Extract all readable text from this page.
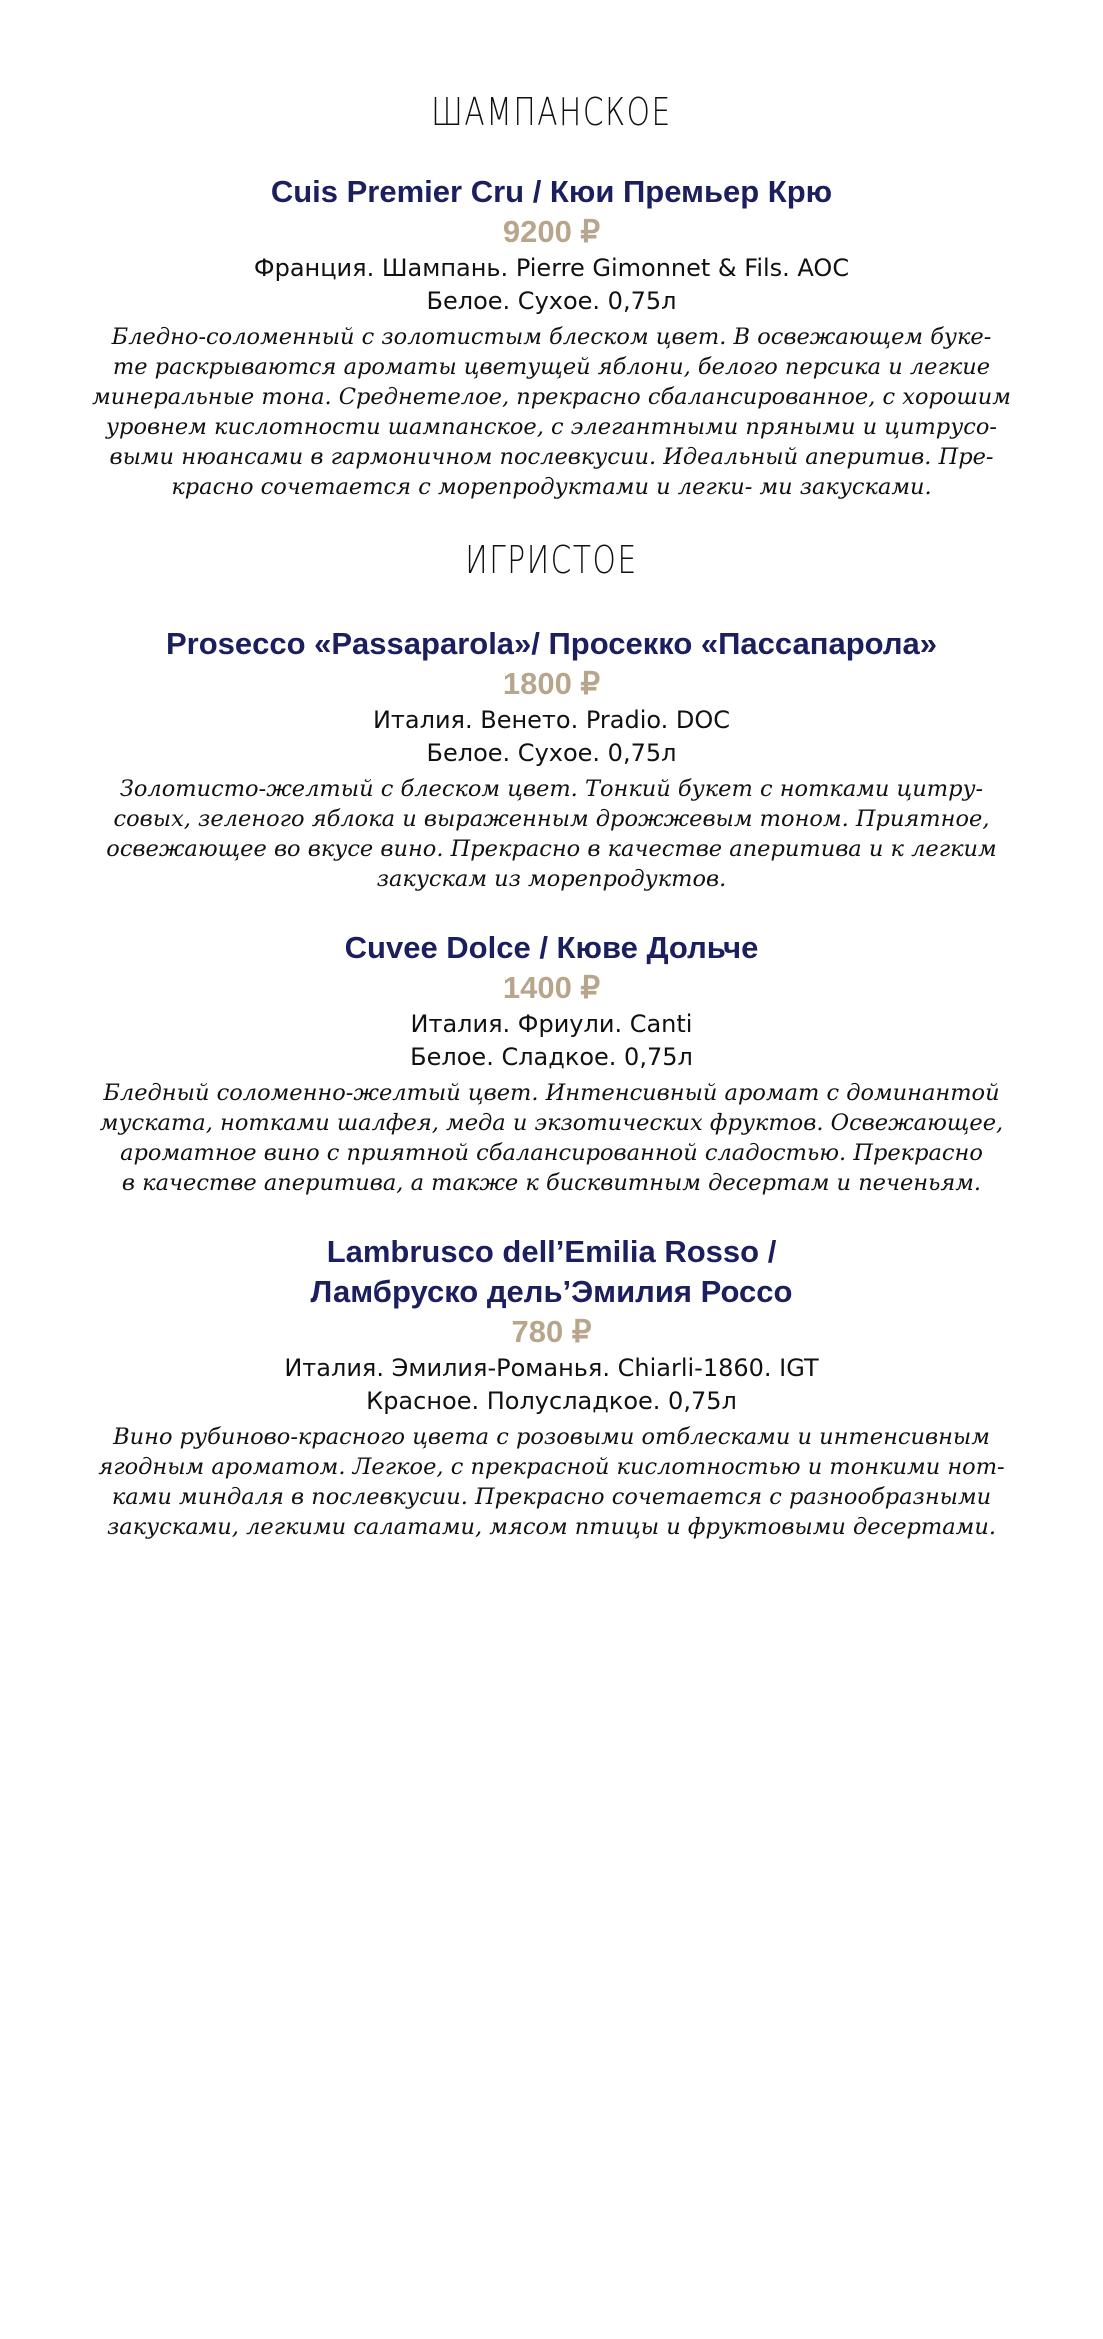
ШАМПАНСКОЕ

Cuis Premier Cru / Кюи Премьер Крю

9200 ₽

Франция. Шампань. Pierre Gimonnet & Fils. AOC

Белое. Сухое. 0,75л

Бледно-соломенный с золотистым блеском цвет. В освежающем буке-
те раскрываются ароматы цветущей яблони, белого персика и легкие
минеральные тона. Среднетелое, прекрасно сбалансированное, с хорошим
уровнем кислотности шампанское, с элегантными пряными и цитрусо-
выми нюансами в гармоничном послевкусии. Идеальный аперитив. Пре-
красно сочетается с морепродуктами и легки- ми закусками.
ИГРИСТОЕ

Prosecco «Passaparola»/ Просекко «Пассапарола»

1800 ₽

Италия. Венето. Pradio. DOC

Белое. Сухое. 0,75л

Золотисто-желтый с блеском цвет. Тонкий букет с нотками цитру-
совых, зеленого яблока и выраженным дрожжевым тоном. Приятное,
освежающее во вкусе вино. Прекрасно в качестве аперитива и к легким
закускам из морепродуктов.

Cuvee Dolce / Кюве Дольче

1400 ₽

Италия. Фриули. Canti

Белое. Сладкое. 0,75л

Бледный соломенно-желтый цвет. Интенсивный аромат с доминантой
муската, нотками шалфея, меда и экзотических фруктов. Освежающее,
ароматное вино с приятной сбалансированной сладостью. Прекрасно
в качестве аперитива, а также к бисквитным десертам и печеньям.

Lambrusco dell’Emilia Rosso /

Ламбруско дель’Эмилия Россо

780 ₽

Италия. Эмилия-Романья. Chiarli-1860. IGT

Красное. Полусладкое. 0,75л

Вино рубиново-красного цвета с розовыми отблесками и интенсивным
ягодным ароматом. Легкое, с прекрасной кислотностью и тонкими нот-
ками миндаля в послевкусии. Прекрасно сочетается с разнообразными
закусками, легкими салатами, мясом птицы и фруктовыми десертами.
